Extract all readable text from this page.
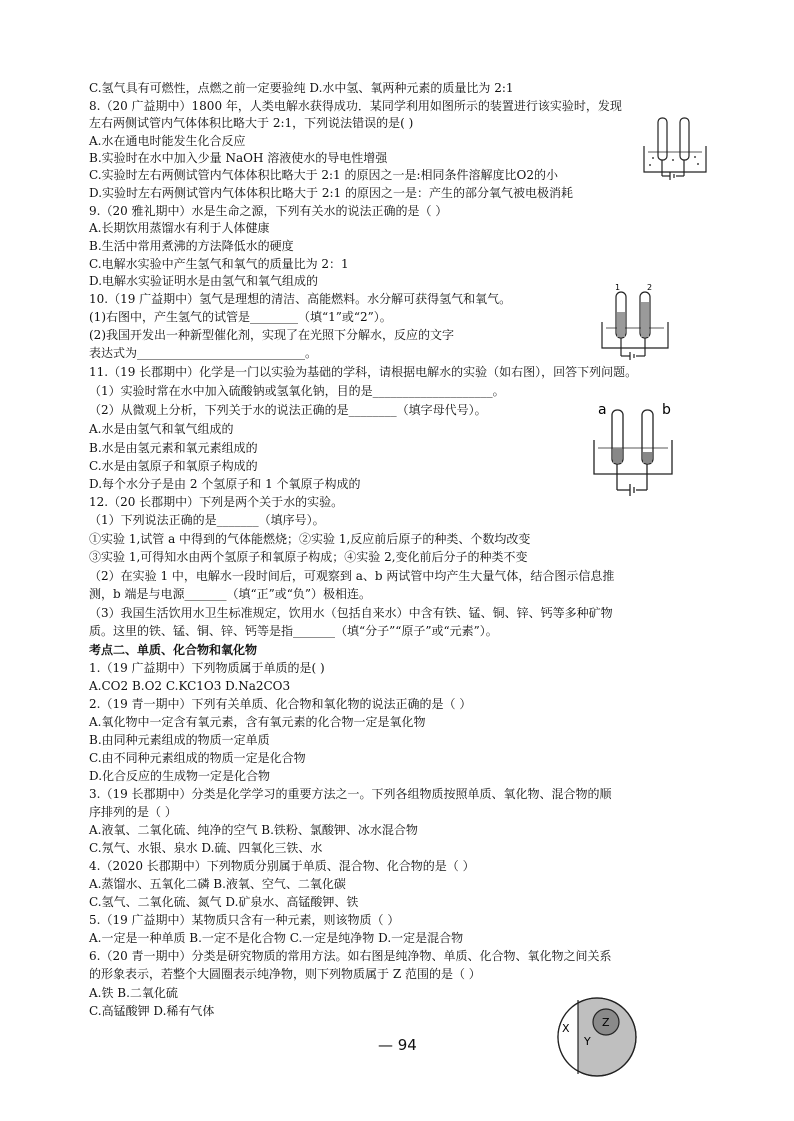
C.氢气具有可燃性，点燃之前一定要验纯 D.水中氢、氧两种元素的质量比为 2:1
8.（20 广益期中）1800 年，人类电解水获得成功．某同学利用如图所示的装置进行该实验时，发现
左右两侧试管内气体体积比略大于 2:1，下列说法错误的是( )
A.水在通电时能发生化合反应
B.实验时在水中加入少量 NaOH 溶液使水的导电性增强
C.实验时左右两侧试管内气体体积比略大于 2:1 的原因之一是:相同条件溶解度比O2的小
D.实验时左右两侧试管内气体体积比略大于 2:1 的原因之一是：产生的部分氧气被电极消耗
9.（20 雅礼期中）水是生命之源，下列有关水的说法正确的是（ ）
A.长期饮用蒸馏水有利于人体健康
B.生活中常用煮沸的方法降低水的硬度
C.电解水实验中产生氢气和氧气的质量比为 2：1
D.电解水实验证明水是由氢气和氧气组成的
10.（19 广益期中）氢气是理想的清洁、高能燃料。水分解可获得氢气和氧气。
(1)右图中，产生氢气的试管是________（填“1”或“2”）。
(2)我国开发出一种新型催化剂，实现了在光照下分解水，反应的文字
表达式为____________________________。
11.（19 长郡期中）化学是一门以实验为基础的学科，请根据电解水的实验（如右图），回答下列问题。
（1）实验时常在水中加入硫酸钠或氢氧化钠，目的是____________________。
（2）从微观上分析，下列关于水的说法正确的是________（填字母代号）。
A.水是由氢气和氧气组成的
B.水是由氢元素和氧元素组成的
C.水是由氢原子和氧原子构成的
D.每个水分子是由 2 个氢原子和 1 个氧原子构成的
12.（20 长郡期中）下列是两个关于水的实验。
（1）下列说法正确的是_______（填序号）。
①实验 1,试管 a 中得到的气体能燃烧；②实验 1,反应前后原子的种类、个数均改变
③实验 1,可得知水由两个氢原子和氧原子构成；④实验 2,变化前后分子的种类不变
（2）在实验 1 中，电解水一段时间后，可观察到 a、b 两试管中均产生大量气体，结合图示信息推
测，b 端是与电源_______（填“正”或“负”）极相连。
（3）我国生活饮用水卫生标准规定，饮用水（包括自来水）中含有铁、锰、铜、锌、钙等多种矿物
质。这里的铁、锰、铜、锌、钙等是指_______（填“分子”“原子”或“元素”）。
考点二、单质、化合物和氧化物
1.（19 广益期中）下列物质属于单质的是( )
A.CO2 B.O2 C.KC1O3 D.Na2CO3
2.（19 青一期中）下列有关单质、化合物和氧化物的说法正确的是（ ）
A.氧化物中一定含有氧元素，含有氧元素的化合物一定是氧化物
B.由同种元素组成的物质一定单质
C.由不同种元素组成的物质一定是化合物
D.化合反应的生成物一定是化合物
3.（19 长郡期中）分类是化学学习的重要方法之一。下列各组物质按照单质、氧化物、混合物的顺
序排列的是（ ）
A.液氧、二氧化硫、纯净的空气 B.铁粉、氯酸钾、冰水混合物
C.氖气、水银、泉水 D.硫、四氧化三铁、水
4.（2020 长郡期中）下列物质分别属于单质、混合物、化合物的是（ ）
A.蒸馏水、五氧化二磷 B.液氧、空气、二氧化碳
C.氢气、二氧化硫、氮气 D.矿泉水、高锰酸钾、铁
5.（19 广益期中）某物质只含有一种元素，则该物质（ ）
A.一定是一种单质 B.一定不是化合物 C.一定是纯净物 D.一定是混合物
6.（20 青一期中）分类是研究物质的常用方法。如右图是纯净物、单质、化合物、氧化物之间关系
的形象表示，若整个大圆圈表示纯净物，则下列物质属于 Z 范围的是（ ）
A.铁 B.二氧化硫
C.高锰酸钾 D.稀有气体
1	2
a	b
X
Y
Z
— 94
